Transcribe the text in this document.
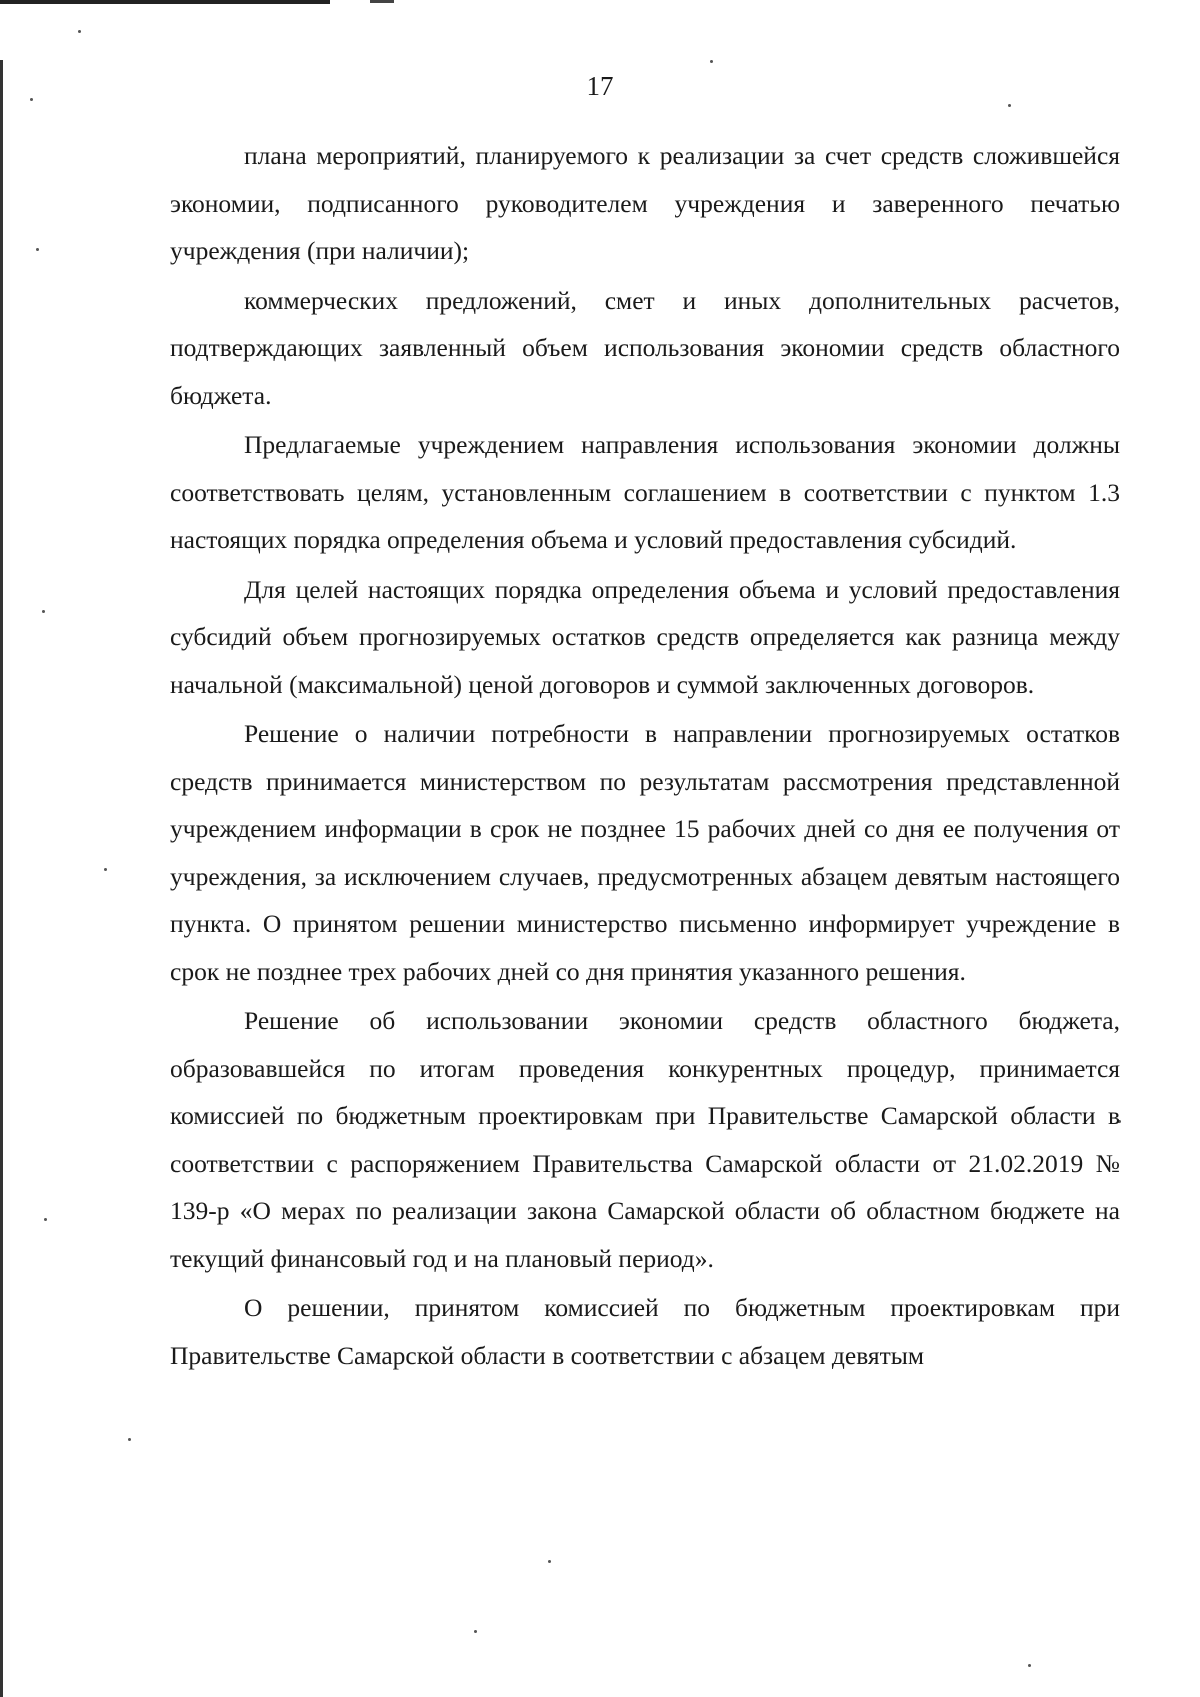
17

плана мероприятий, планируемого к реализации за счет средств сложившейся экономии, подписанного руководителем учреждения и заверенного печатью учреждения (при наличии);

коммерческих предложений, смет и иных дополнительных расчетов, подтверждающих заявленный объем использования экономии средств областного бюджета.

Предлагаемые учреждением направления использования экономии должны соответствовать целям, установленным соглашением в соответствии с пунктом 1.3 настоящих порядка определения объема и условий предоставления субсидий.

Для целей настоящих порядка определения объема и условий предоставления субсидий объем прогнозируемых остатков средств определяется как разница между начальной (максимальной) ценой договоров и суммой заключенных договоров.

Решение о наличии потребности в направлении прогнозируемых остатков средств принимается министерством по результатам рассмотрения представленной учреждением информации в срок не позднее 15 рабочих дней со дня ее получения от учреждения, за исключением случаев, предусмотренных абзацем девятым настоящего пункта. О принятом решении министерство письменно информирует учреждение в срок не позднее трех рабочих дней со дня принятия указанного решения.

Решение об использовании экономии средств областного бюджета, образовавшейся по итогам проведения конкурентных процедур, принимается комиссией по бюджетным проектировкам при Правительстве Самарской области в соответствии с распоряжением Правительства Самарской области от 21.02.2019 № 139-р «О мерах по реализации закона Самарской области об областном бюджете на текущий финансовый год и на плановый период».

О решении, принятом комиссией по бюджетным проектировкам при Правительстве Самарской области в соответствии с абзацем девятым
